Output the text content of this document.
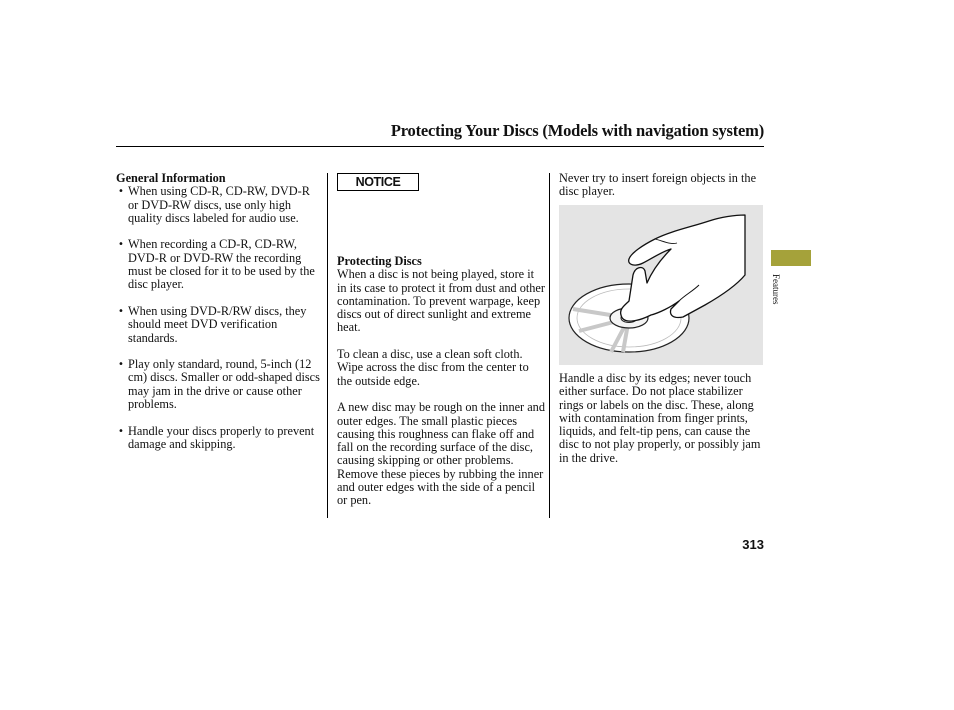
Protecting Your Discs (Models with navigation system)
General Information
• When using CD-R, CD-RW, DVD-R or DVD-RW discs, use only high quality discs labeled for audio use.
• When recording a CD-R, CD-RW, DVD-R or DVD-RW the recording must be closed for it to be used by the disc player.
• When using DVD-R/RW discs, they should meet DVD verification standards.
• Play only standard, round, 5-inch (12 cm) discs. Smaller or odd-shaped discs may jam in the drive or cause other problems.
• Handle your discs properly to prevent damage and skipping.
NOTICE
Protecting Discs

When a disc is not being played, store it in its case to protect it from dust and other contamination. To prevent warpage, keep discs out of direct sunlight and extreme heat.

To clean a disc, use a clean soft cloth. Wipe across the disc from the center to the outside edge.

A new disc may be rough on the inner and outer edges. The small plastic pieces causing this roughness can flake off and fall on the recording surface of the disc, causing skipping or other problems. Remove these pieces by rubbing the inner and outer edges with the side of a pencil or pen.

Never try to insert foreign objects in the disc player.

Handle a disc by its edges; never touch either surface. Do not place stabilizer rings or labels on the disc. These, along with contamination from finger prints, liquids, and felt-tip pens, can cause the disc to not play properly, or possibly jam in the drive.

Features
313
